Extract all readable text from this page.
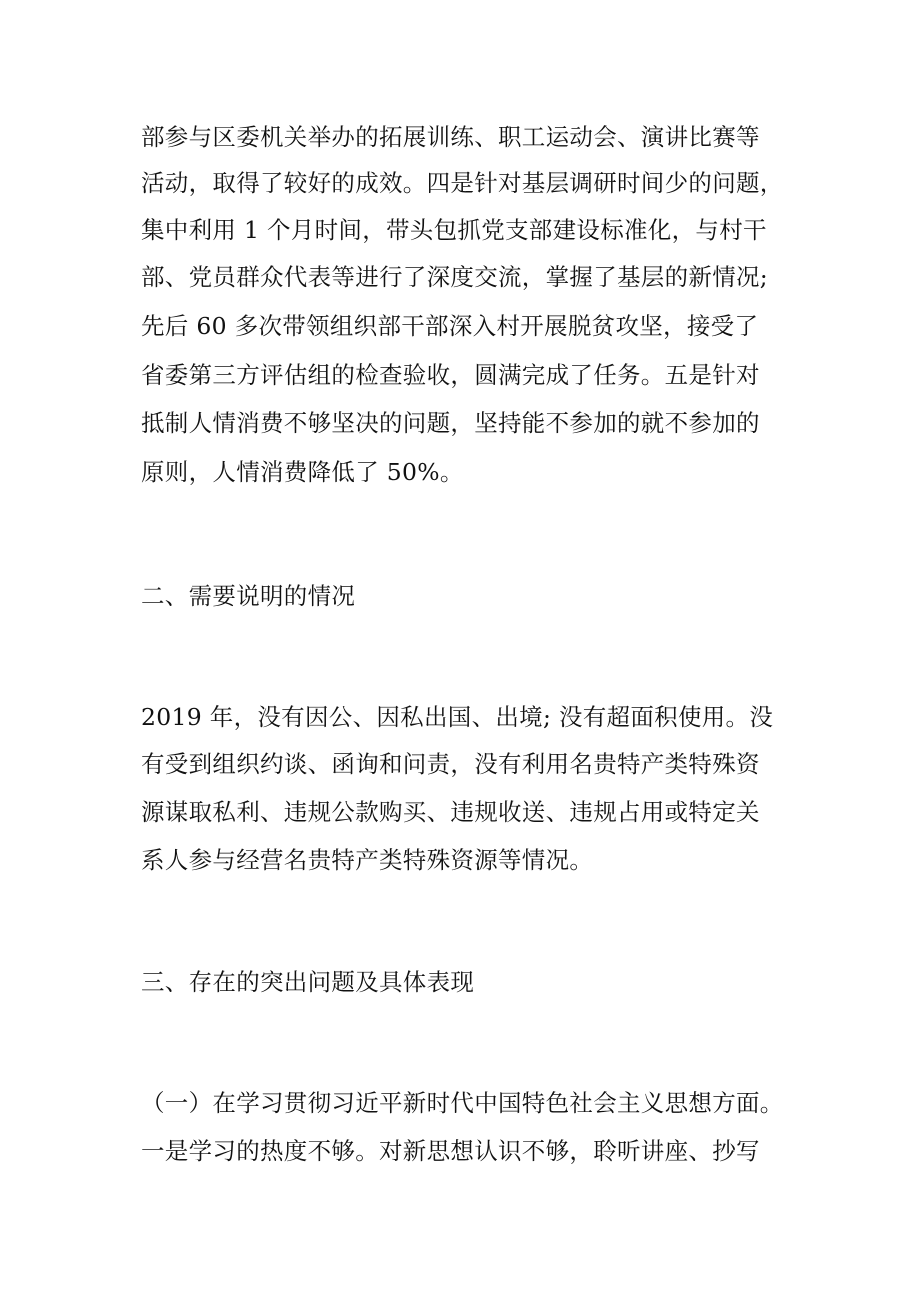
部参与区委机关举办的拓展训练、职工运动会、演讲比赛等
活动，取得了较好的成效。四是针对基层调研时间少的问题，
集中利用 1 个月时间，带头包抓党支部建设标准化，与村干
部、党员群众代表等进行了深度交流，掌握了基层的新情况;
先后 60 多次带领组织部干部深入村开展脱贫攻坚，接受了
省委第三方评估组的检查验收，圆满完成了任务。五是针对
抵制人情消费不够坚决的问题，坚持能不参加的就不参加的
原则，人情消费降低了 50%。
二、需要说明的情况
2019 年，没有因公、因私出国、出境; 没有超面积使用。没
有受到组织约谈、函询和问责，没有利用名贵特产类特殊资
源谋取私利、违规公款购买、违规收送、违规占用或特定关
系人参与经营名贵特产类特殊资源等情况。
三、存在的突出问题及具体表现
（一）在学习贯彻习近平新时代中国特色社会主义思想方面。
一是学习的热度不够。对新思想认识不够，聆听讲座、抄写
